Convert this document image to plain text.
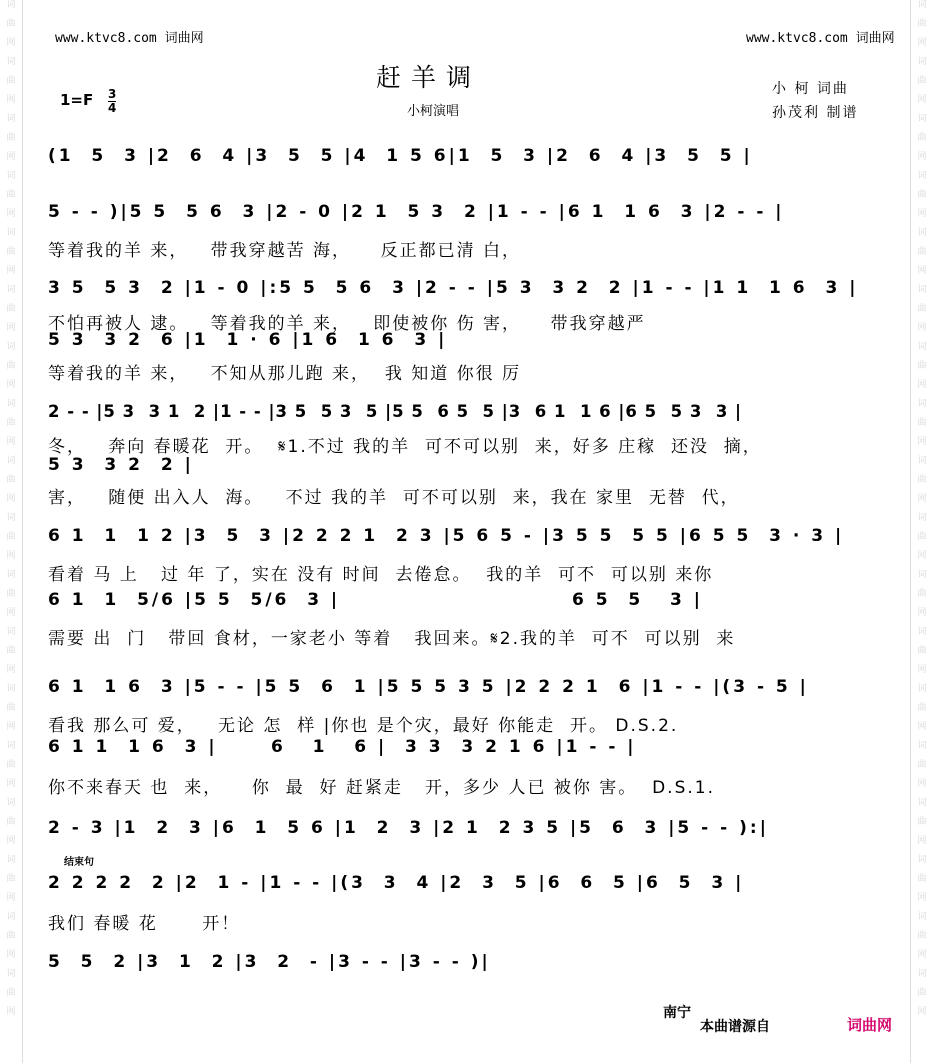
词
曲
网
词
曲
网
词
曲
网
词
曲
网
词
曲
网
词
曲
网
词
曲
网
词
曲
网
词
曲
网
词
曲
网
词
曲
网
词
曲
网
词
曲
网
词
曲
网
词
曲
网
词
曲
网
词
曲
网
词
曲
网
词
曲
网
词
曲
网
词
曲
网
词
曲
网
词
曲
网
词
曲
网
词
曲
网
词
曲
网
词
曲
网
词
曲
网
词
曲
网
词
曲
网
词
曲
网
词
曲
网
词
曲
网
词
曲
网
词
曲
网
词
曲
网
www.ktvc8.com 词曲网	www.ktvc8.com 词曲网
赶羊调
小柯演唱
1=F 3
4
小 柯 词曲
孙茂利 制谱
(1  5  3 |2  6  4 |3  5  5 |4  1 5 6|1  5  3 |2  6  4 |3  5  5 |
5 - - )|5 5  5 6  3 |2 - 0 |2 1  5 3  2 |1 - - |6 1  1 6  3 |2 - - |
等着我的羊 来，   带我穿越苦 海，    反正都已清 白，
3 5  5 3  2 |1 - 0 |:5 5  5 6  3 |2 - - |5 3  3 2  2 |1 - - |1 1  1 6  3 |
不怕再被人 逮。   等着我的羊 来，   即使被你 伤 害，    带我穿越严
5 3  3 2  6 |1  1 · 6 |1 6  1 6  3 |
等着我的羊 来，   不知从那儿跑 来，  我 知道 你很 厉
2 - - |5 3  3 1  2 |1 - - |3 5  5 3  5 |5 5  6 5  5 |3  6 1  1 6 |6 5  5 3  3 |
冬，   奔向 春暖花  开。  𝄋1.不过 我的羊  可不可以别  来，好多 庄稼  还没  摘，
5 3  3 2  2 |
害，   随便 出入人  海。   不过 我的羊  可不可以别  来，我在 家里  无替  代，
6 1  1  1 2 |3  5  3 |2 2 2 1  2 3 |5 6 5 - |3 5 5  5 5 |6 5 5  3 · 3 |
看着 马 上   过 年 了，实在 没有 时间  去倦怠。  我的羊  可不  可以别 来你
6 1  1  5/6 |5 5  5/6  3 |                          6 5  5   3 |
需要 出  门   带回 食材，一家老小 等着   我回来。𝄋2.我的羊  可不  可以别  来
6 1  1 6  3 |5 - - |5 5  6  1 |5 5 5 3 5 |2 2 2 1  6 |1 - - |(3 - 5 |
看我 那么可 爱，   无论 怎  样 |你也 是个灾，最好 你能走  开。 D.S.2.
6 1 1  1 6  3 |      6   1   6 |  3 3  3 2 1 6 |1 - - |
你不来春天 也  来，    你  最  好 赶紧走   开，多少 人已 被你 害。  D.S.1.
2 - 3 |1  2  3 |6  1  5 6 |1  2  3 |2 1  2 3 5 |5  6  3 |5 - - ):|
2 2 2 2  2 |2  1 - |1 - - |(3  3  4 |2  3  5 |6  6  5 |6  5  3 |
我们 春暖 花      开！
5  5  2 |3  1  2 |3  2  - |3 - - |3 - - )|
结束句
南宁
本曲谱源自	词曲网
